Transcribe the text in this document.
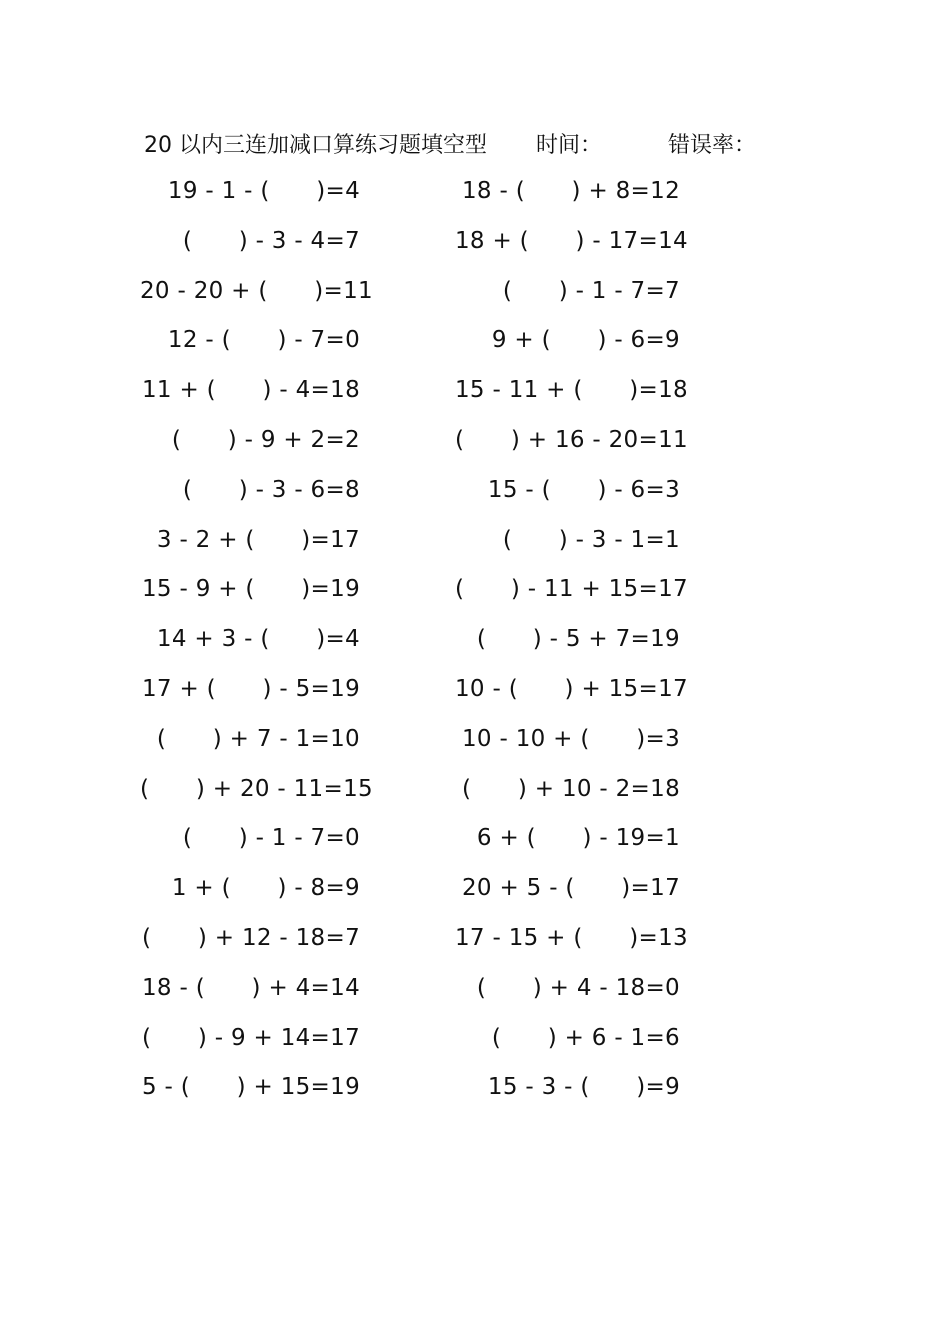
20 以内三连加减口算练习题填空型 时间：	错误率：
19 - 1 - (　　)=4
(　　) - 3 - 4=7
20 - 20 + (　　)=11
12 - (　　) - 7=0
11 + (　　) - 4=18
(　　) - 9 + 2=2
(　　) - 3 - 6=8
3 - 2 + (　　)=17
15 - 9 + (　　)=19
14 + 3 - (　　)=4
17 + (　　) - 5=19
(　　) + 7 - 1=10
(　　) + 20 - 11=15
(　　) - 1 - 7=0
1 + (　　) - 8=9
(　　) + 12 - 18=7
18 - (　　) + 4=14
(　　) - 9 + 14=17
5 - (　　) + 15=19
18 - (　　) + 8=12
18 + (　　) - 17=14
(　　) - 1 - 7=7
9 + (　　) - 6=9
15 - 11 + (　　)=18
(　　) + 16 - 20=11
15 - (　　) - 6=3
(　　) - 3 - 1=1
(　　) - 11 + 15=17
(　　) - 5 + 7=19
10 - (　　) + 15=17
10 - 10 + (　　)=3
(　　) + 10 - 2=18
6 + (　　) - 19=1
20 + 5 - (　　)=17
17 - 15 + (　　)=13
(　　) + 4 - 18=0
(　　) + 6 - 1=6
15 - 3 - (　　)=9
